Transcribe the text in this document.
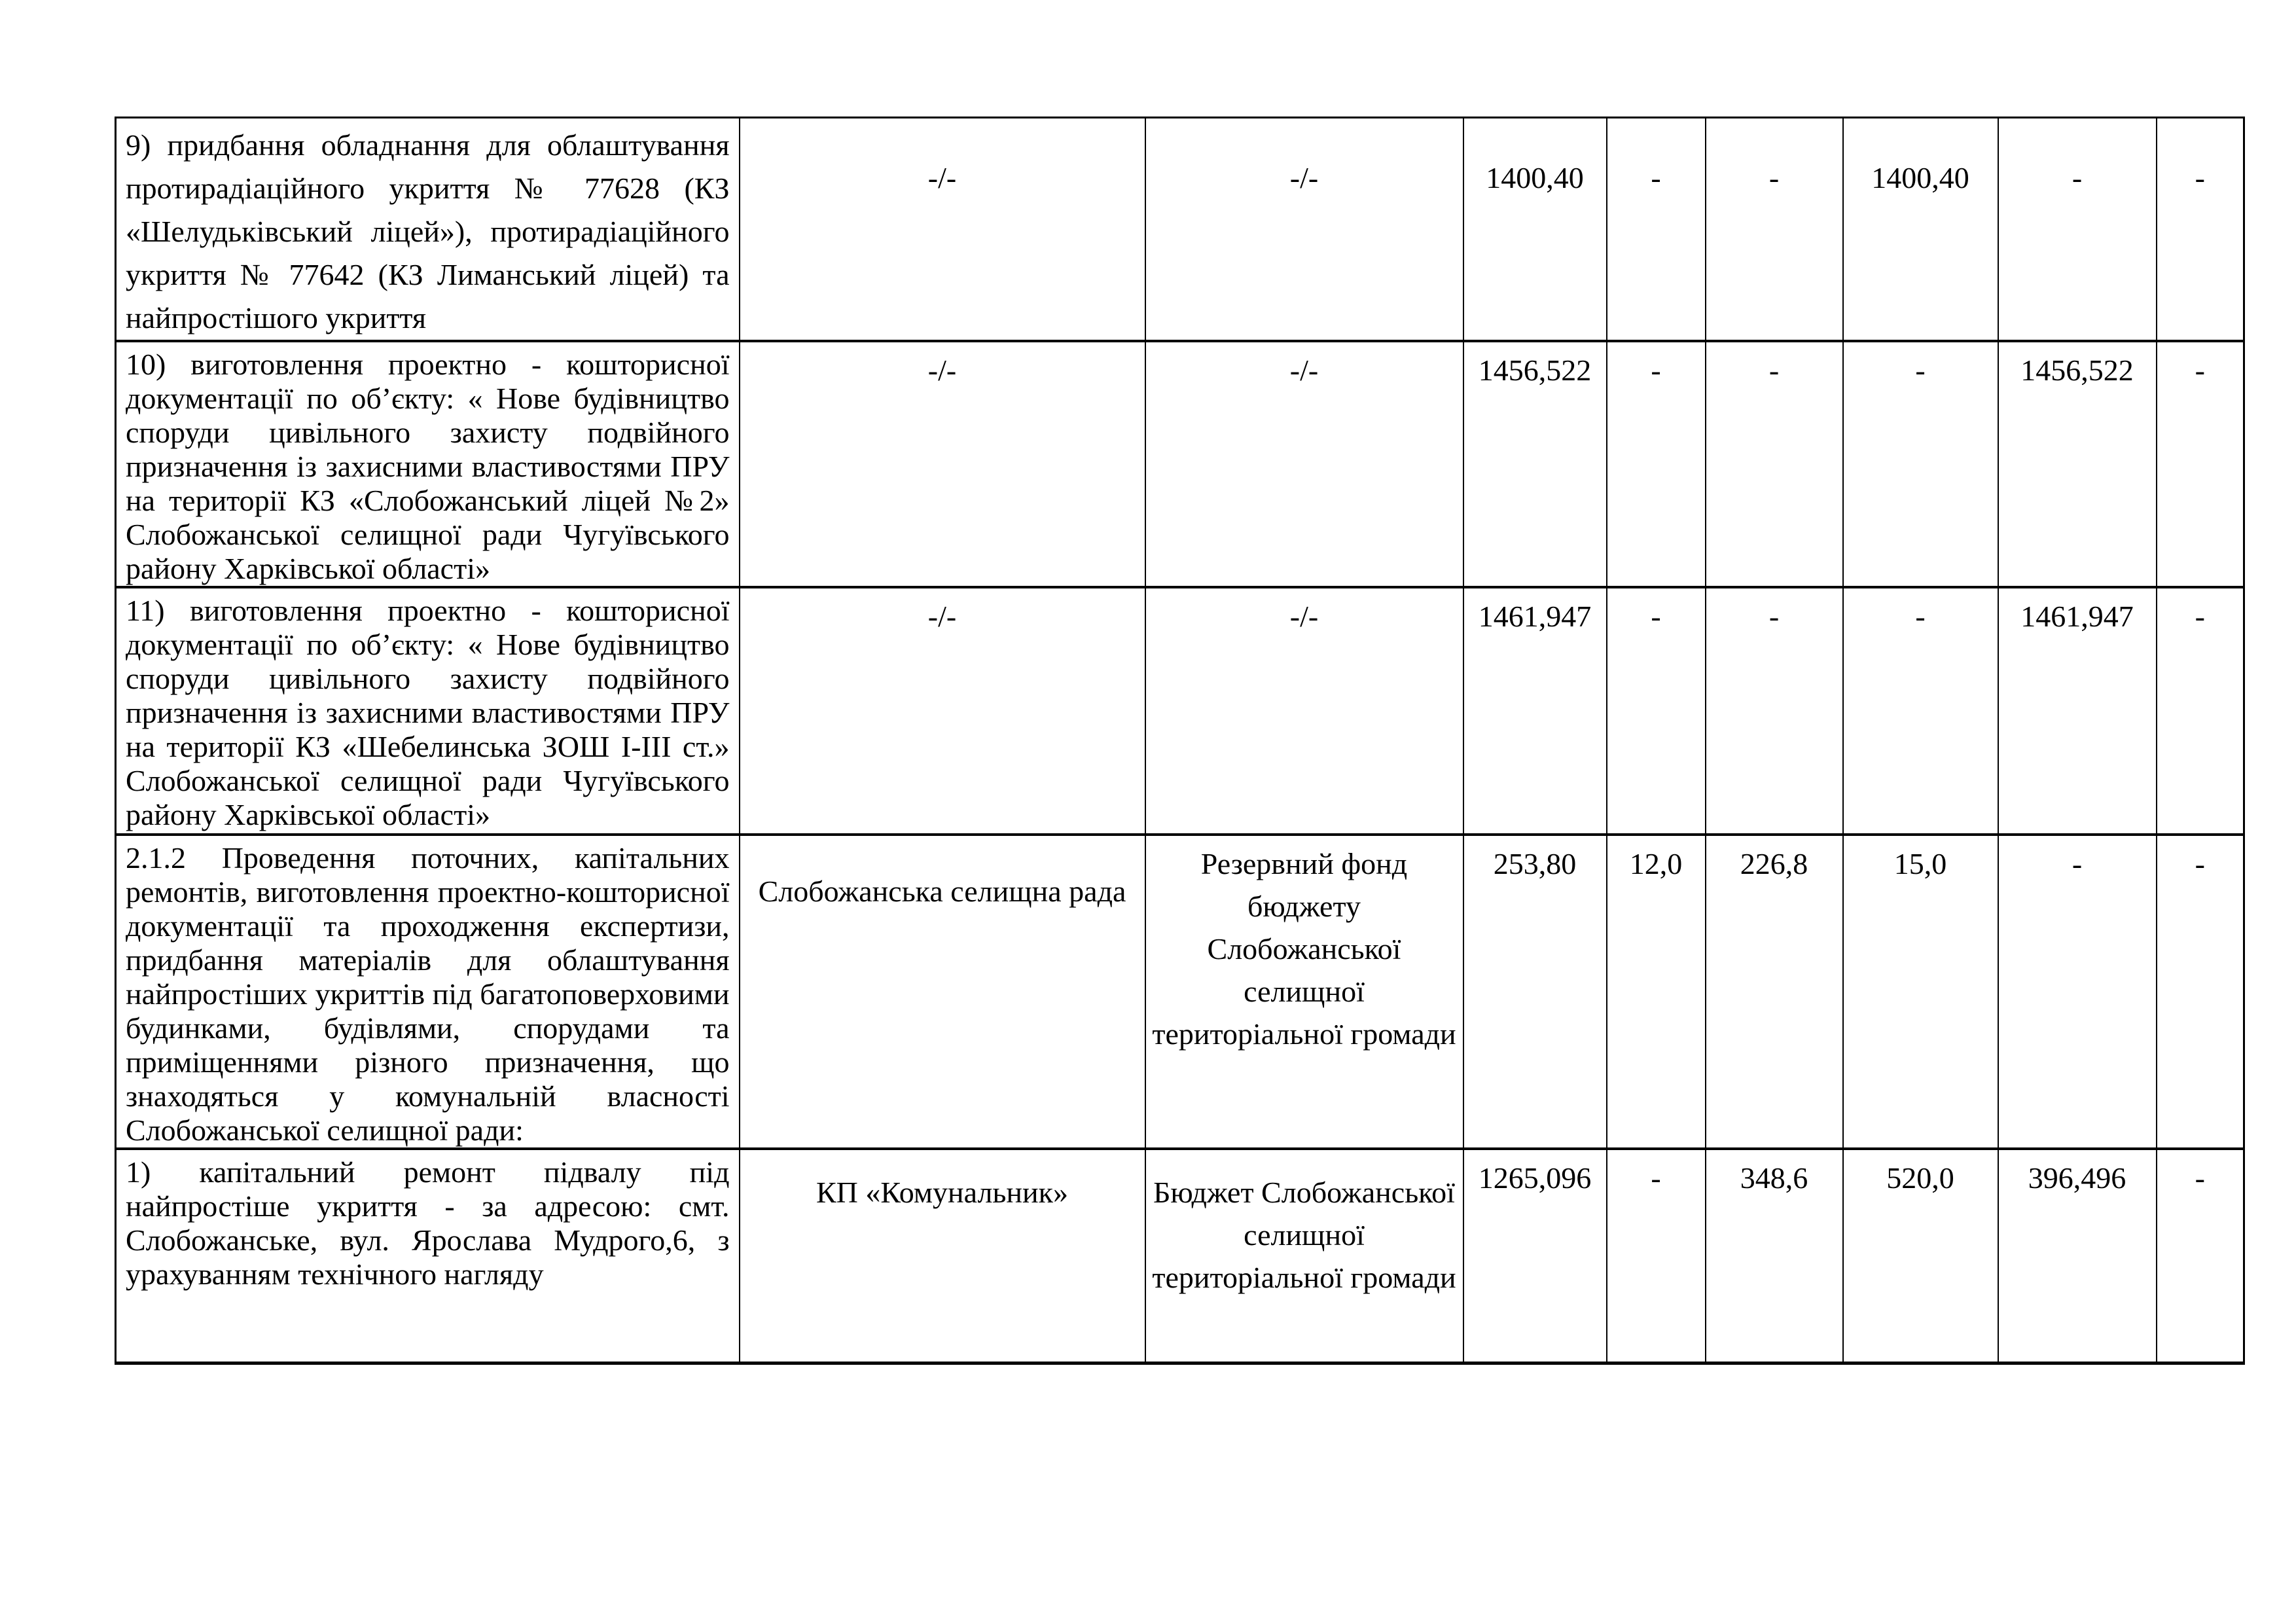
9) придбання обладнання для облаштування протирадіаційного укриття № 77628 (КЗ «Шелудьківський ліцей»), протирадіаційного укриття № 77642 (КЗ Лиманський ліцей) та найпростішого укриття	-/-	-/-	1400,40	-	-	1400,40	-	-
10) виготовлення проектно - кошторисної документації по об’єкту: « Нове будівництво споруди цивільного захисту подвійного призначення із захисними властивостями ПРУ на території КЗ «Слобожанський ліцей №2» Слобожанської селищної ради Чугуївського району Харківської області»	-/-	-/-	1456,522	-	-	-	1456,522	-
11) виготовлення проектно - кошторисної документації по об’єкту: « Нове будівництво споруди цивільного захисту подвійного призначення із захисними властивостями ПРУ на території КЗ «Шебелинська ЗОШ І-ІІІ ст.» Слобожанської селищної ради Чугуївського району Харківської області»	-/-	-/-	1461,947	-	-	-	1461,947	-
2.1.2 Проведення поточних, капітальних ремонтів, виготовлення проектно-кошторисної документації та проходження експертизи, придбання матеріалів для облаштування найпростіших укриттів під багатоповерховими будинками, будівлями, спорудами та приміщеннями різного призначення, що знаходяться у комунальній власності Слобожанської селищної ради:	Слобожанська селищна рада	Резервний фонд бюджету Слобожанської селищної територіальної громади	253,80	12,0	226,8	15,0	-	-
1) капітальний ремонт підвалу під найпростіше укриття - за адресою: смт. Слобожанське, вул. Ярослава Мудрого,6, з урахуванням технічного нагляду	КП «Комунальник»	Бюджет Слобожанської селищної територіальної громади	1265,096	-	348,6	520,0	396,496	-
